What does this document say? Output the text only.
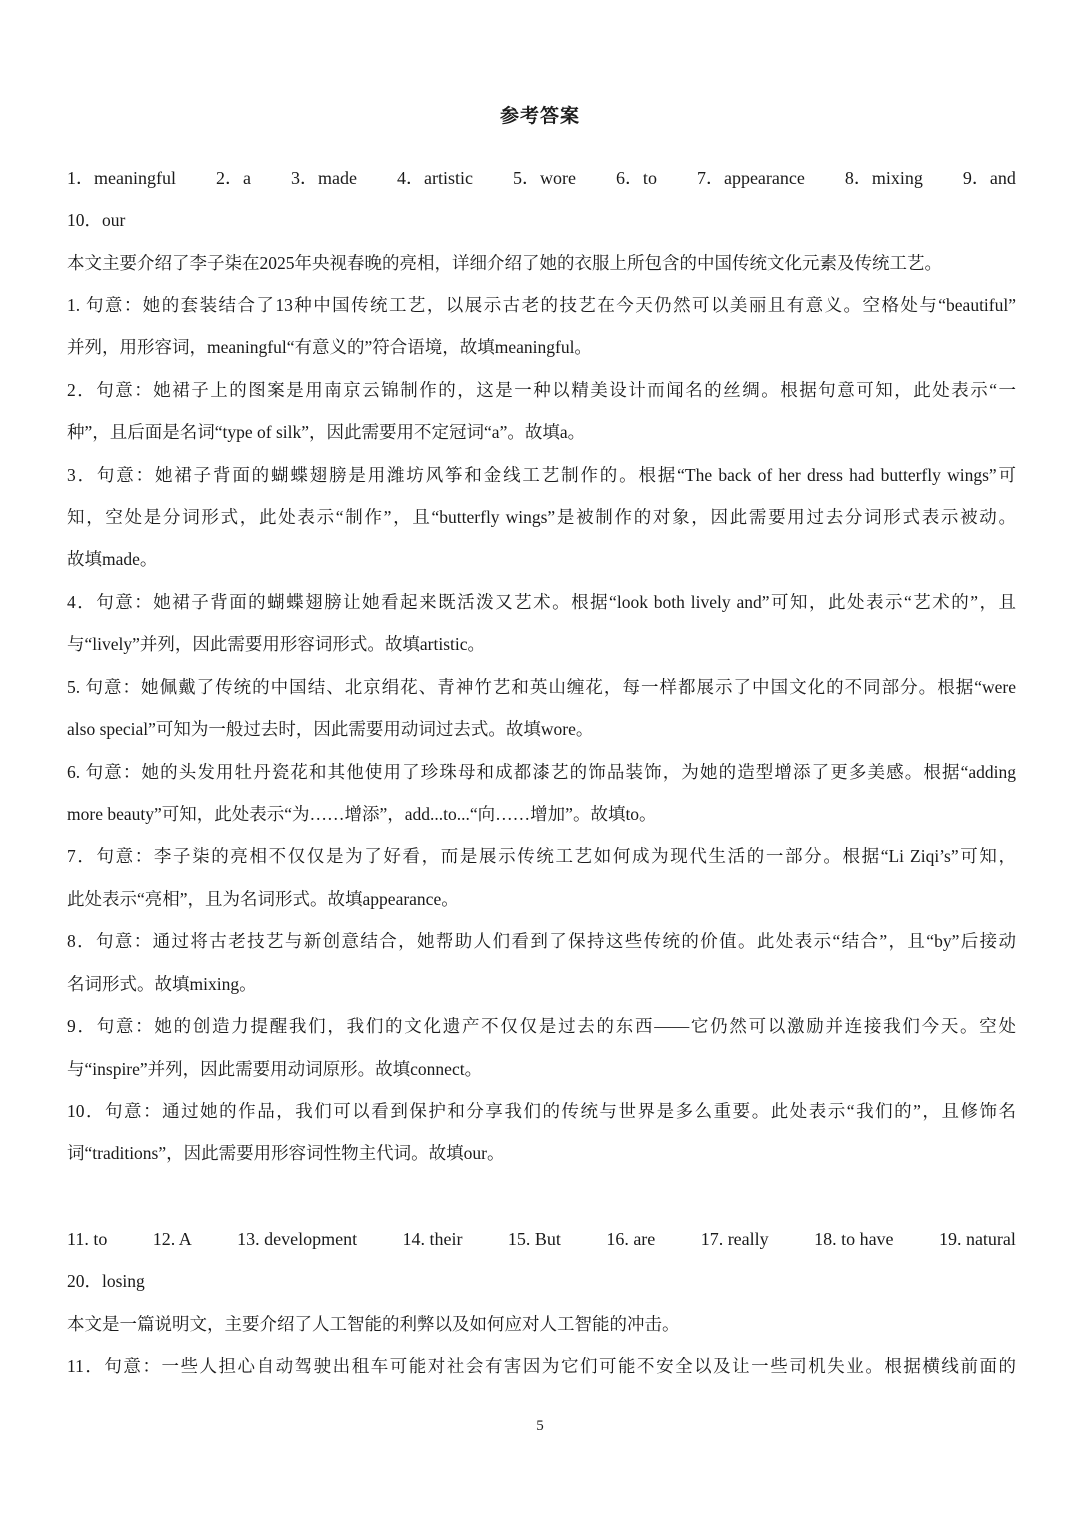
参考答案
1．meaningful 2．a 3．made 4．artistic 5．wore 6．to 7．appearance 8．mixing 9．and
10．our
本文主要介绍了李子柒在2025年央视春晚的亮相，详细介绍了她的衣服上所包含的中国传统文化元素及传统工艺。
1. 句意：她的套装结合了13种中国传统工艺，以展示古老的技艺在今天仍然可以美丽且有意义。空格处与“beautiful”
并列，用形容词，meaningful“有意义的”符合语境，故填meaningful。
2．句意：她裙子上的图案是用南京云锦制作的，这是一种以精美设计而闻名的丝绸。根据句意可知，此处表示“一
种”，且后面是名词“type of silk”，因此需要用不定冠词“a”。故填a。
3．句意：她裙子背面的蝴蝶翅膀是用潍坊风筝和金线工艺制作的。根据“The back of her dress had butterfly wings”可
知，空处是分词形式，此处表示“制作”，且“butterfly wings”是被制作的对象，因此需要用过去分词形式表示被动。
故填made。
4．句意：她裙子背面的蝴蝶翅膀让她看起来既活泼又艺术。根据“look both lively and”可知，此处表示“艺术的”，且
与“lively”并列，因此需要用形容词形式。故填artistic。
5. 句意：她佩戴了传统的中国结、北京绢花、青神竹艺和英山缠花，每一样都展示了中国文化的不同部分。根据“were
also special”可知为一般过去时，因此需要用动词过去式。故填wore。
6. 句意：她的头发用牡丹瓷花和其他使用了珍珠母和成都漆艺的饰品装饰，为她的造型增添了更多美感。根据“adding
more beauty”可知，此处表示“为……增添”，add...to...“向……增加”。故填to。
7．句意：李子柒的亮相不仅仅是为了好看，而是展示传统工艺如何成为现代生活的一部分。根据“Li Ziqi’s”可知，
此处表示“亮相”，且为名词形式。故填appearance。
8．句意：通过将古老技艺与新创意结合，她帮助人们看到了保持这些传统的价值。此处表示“结合”，且“by”后接动
名词形式。故填mixing。
9．句意：她的创造力提醒我们，我们的文化遗产不仅仅是过去的东西——它仍然可以激励并连接我们今天。空处
与“inspire”并列，因此需要用动词原形。故填connect。
10．句意：通过她的作品，我们可以看到保护和分享我们的传统与世界是多么重要。此处表示“我们的”，且修饰名
词“traditions”，因此需要用形容词性物主代词。故填our。
11. to	12. A	13. development	14. their	15. But	16. are	17. really	18. to have	19. natural
20．losing
本文是一篇说明文，主要介绍了人工智能的利弊以及如何应对人工智能的冲击。
11．句意：一些人担心自动驾驶出租车可能对社会有害因为它们可能不安全以及让一些司机失业。根据横线前面的
5
